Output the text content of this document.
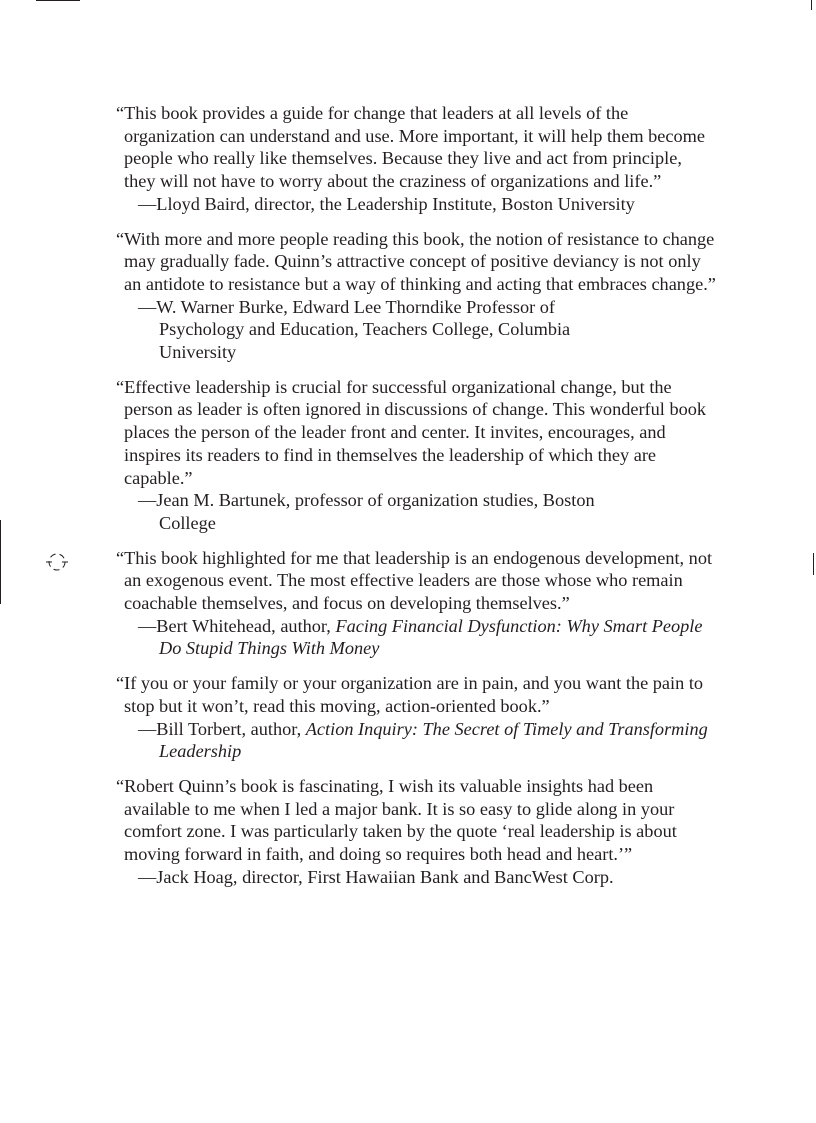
“This book provides a guide for change that leaders at all levels of the organization can understand and use. More important, it will help them become people who really like themselves. Because they live and act from principle, they will not have to worry about the craziness of organizations and life.”

—Lloyd Baird, director, the Leadership Institute, Boston University

“With more and more people reading this book, the notion of resistance to change may gradually fade. Quinn’s attractive concept of positive deviancy is not only an antidote to resistance but a way of thinking and acting that embraces change.”

—W. Warner Burke, Edward Lee Thorndike Professor of Psychology and Education, Teachers College, Columbia University

“Effective leadership is crucial for successful organizational change, but the person as leader is often ignored in discussions of change. This wonderful book places the person of the leader front and center. It invites, encourages, and inspires its readers to find in themselves the leadership of which they are capable.”

—Jean M. Bartunek, professor of organization studies, Boston College

“This book highlighted for me that leadership is an endogenous development, not an exogenous event. The most effective leaders are those whose who remain coachable themselves, and focus on developing themselves.”

—Bert Whitehead, author, Facing Financial Dysfunction: Why Smart People Do Stupid Things With Money

“If you or your family or your organization are in pain, and you want the pain to stop but it won’t, read this moving, action-oriented book.”

—Bill Torbert, author, Action Inquiry: The Secret of Timely and Transforming Leadership

“Robert Quinn’s book is fascinating, I wish its valuable insights had been available to me when I led a major bank. It is so easy to glide along in your comfort zone. I was particularly taken by the quote ‘real leadership is about moving forward in faith, and doing so requires both head and heart.’”

—Jack Hoag, director, First Hawaiian Bank and BancWest Corp.
